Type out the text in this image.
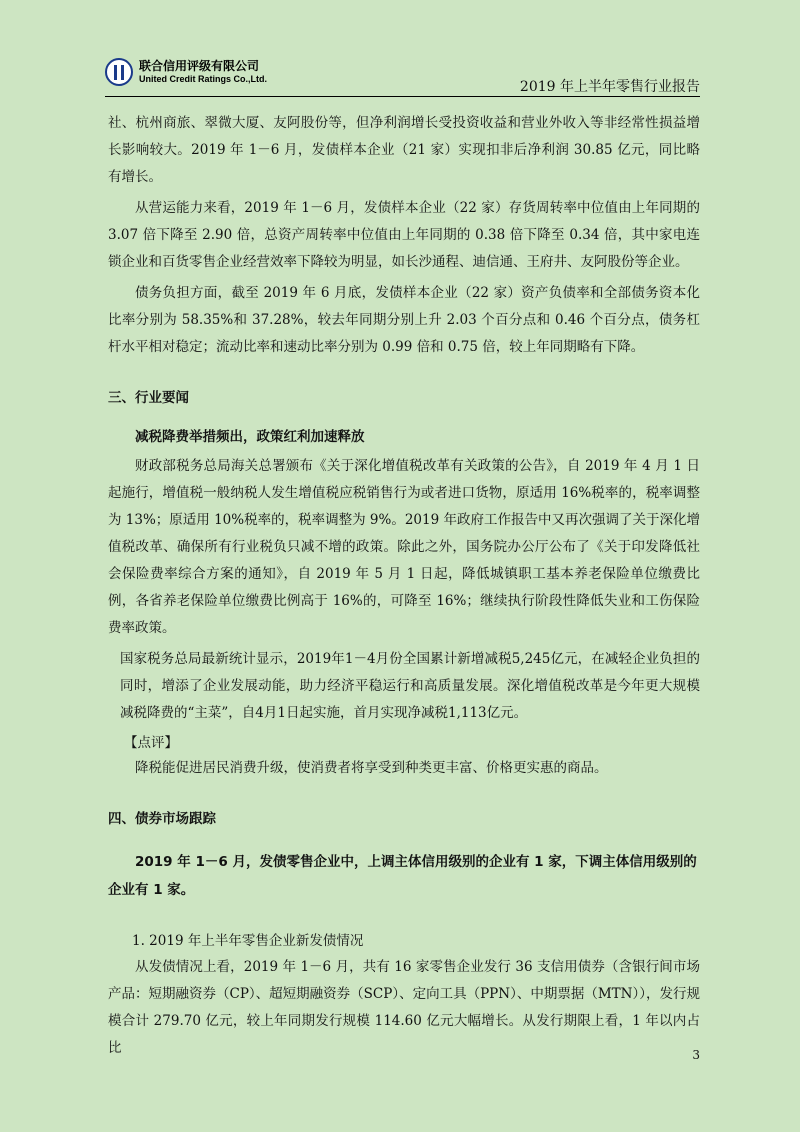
联合信用评级有限公司
United Credit Ratings Co.,Ltd.	2019 年上半年零售行业报告

社、杭州商旅、翠微大厦、友阿股份等，但净利润增长受投资收益和营业外收入等非经常性损益增长影响较大。2019 年 1－6 月，发债样本企业（21 家）实现扣非后净利润 30.85 亿元，同比略有增长。

从营运能力来看，2019 年 1－6 月，发债样本企业（22 家）存货周转率中位值由上年同期的 3.07 倍下降至 2.90 倍，总资产周转率中位值由上年同期的 0.38 倍下降至 0.34 倍，其中家电连锁企业和百货零售企业经营效率下降较为明显，如长沙通程、迪信通、王府井、友阿股份等企业。

债务负担方面，截至 2019 年 6 月底，发债样本企业（22 家）资产负债率和全部债务资本化比率分别为 58.35%和 37.28%，较去年同期分别上升 2.03 个百分点和 0.46 个百分点，债务杠杆水平相对稳定；流动比率和速动比率分别为 0.99 倍和 0.75 倍，较上年同期略有下降。

三、行业要闻
减税降费举措频出，政策红利加速释放

财政部税务总局海关总署颁布《关于深化增值税改革有关政策的公告》，自 2019 年 4 月 1 日起施行，增值税一般纳税人发生增值税应税销售行为或者进口货物，原适用 16%税率的，税率调整为 13%；原适用 10%税率的，税率调整为 9%。2019 年政府工作报告中又再次强调了关于深化增值税改革、确保所有行业税负只减不增的政策。除此之外，国务院办公厅公布了《关于印发降低社会保险费率综合方案的通知》，自 2019 年 5 月 1 日起，降低城镇职工基本养老保险单位缴费比例，各省养老保险单位缴费比例高于 16%的，可降至 16%；继续执行阶段性降低失业和工伤保险费率政策。

国家税务总局最新统计显示，2019年1－4月份全国累计新增减税5,245亿元，在减轻企业负担的同时，增添了企业发展动能，助力经济平稳运行和高质量发展。深化增值税改革是今年更大规模减税降费的“主菜”，自4月1日起实施，首月实现净减税1,113亿元。

【点评】

降税能促进居民消费升级，使消费者将享受到种类更丰富、价格更实惠的商品。

四、债券市场跟踪

2019 年 1－6 月，发债零售企业中，上调主体信用级别的企业有 1 家，下调主体信用级别的企业有 1 家。

1. 2019 年上半年零售企业新发债情况

从发债情况上看，2019 年 1－6 月，共有 16 家零售企业发行 36 支信用债券（含银行间市场产品：短期融资券（CP）、超短期融资券（SCP）、定向工具（PPN）、中期票据（MTN）），发行规模合计 279.70 亿元，较上年同期发行规模 114.60 亿元大幅增长。从发行期限上看，1 年以内占比	3
